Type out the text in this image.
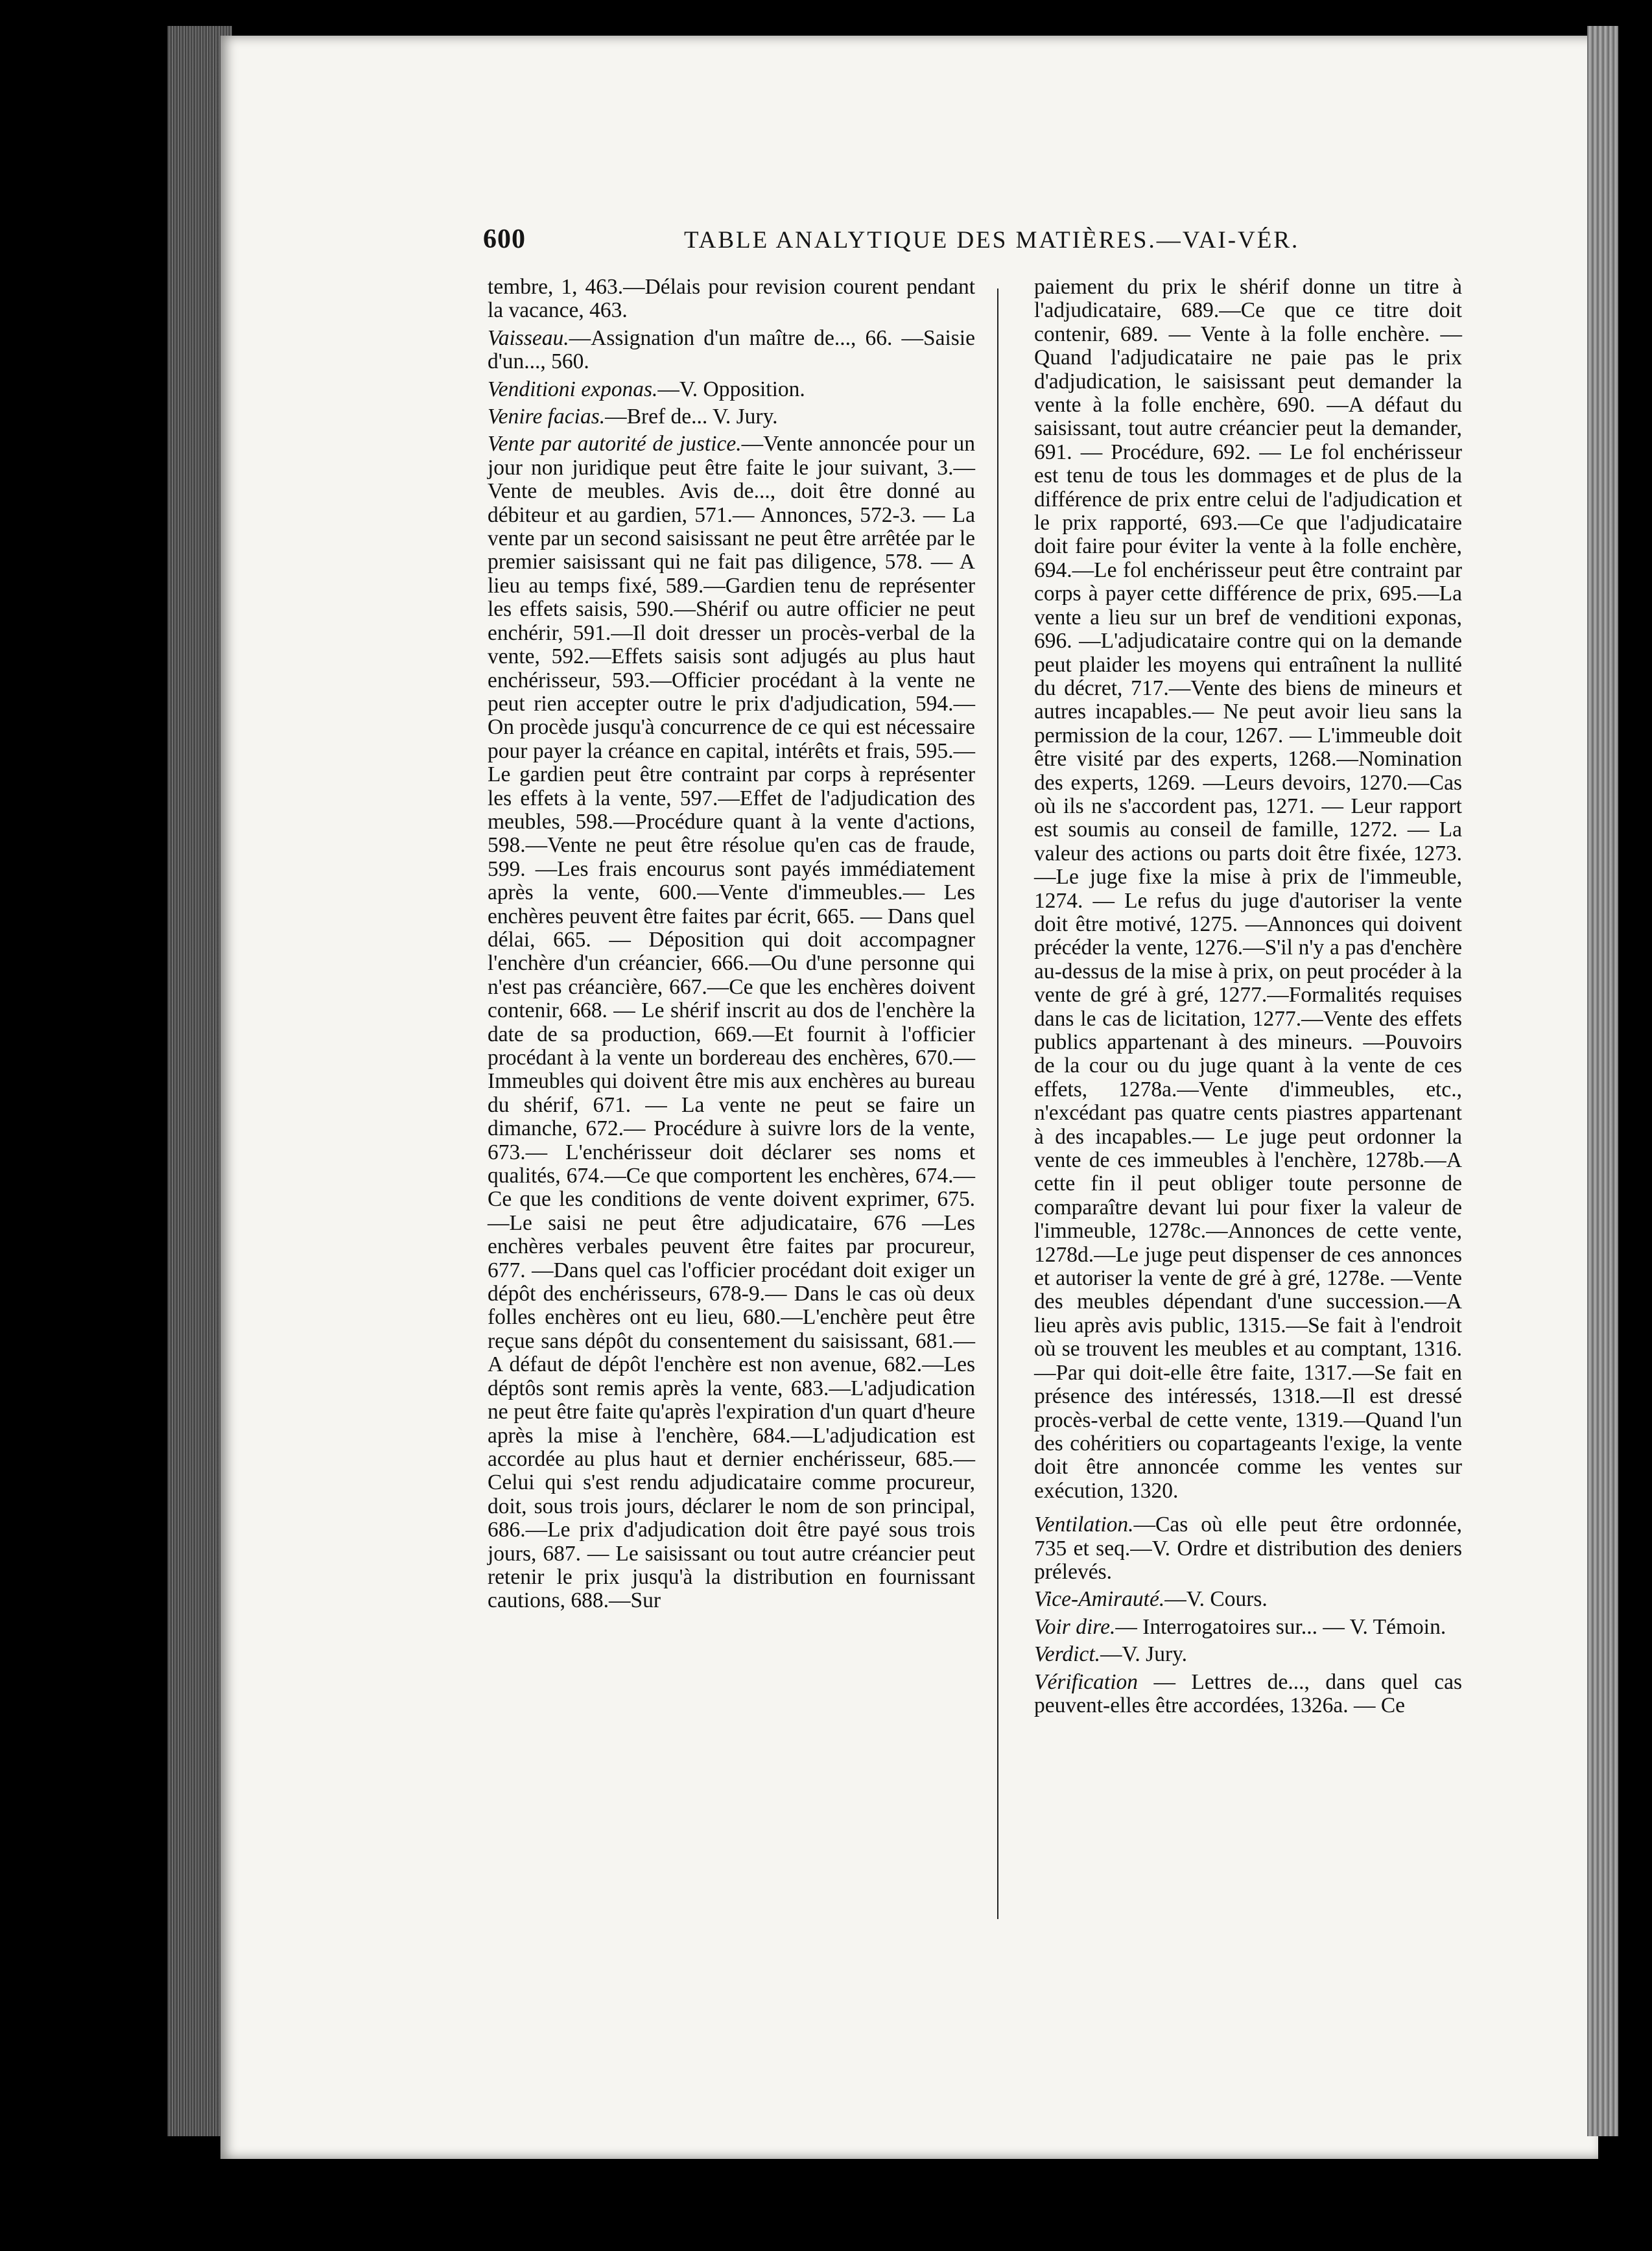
600	TABLE ANALYTIQUE DES MATIÈRES.—VAI-VÉR.

tembre, 1, 463.—Délais pour revision courent pendant la vacance, 463.

Vaisseau.—Assignation d'un maître de..., 66. —Saisie d'un..., 560.

Venditioni exponas.—V. Opposition.

Venire facias.—Bref de... V. Jury.

Vente par autorité de justice.—Vente annoncée pour un jour non juridique peut être faite le jour suivant, 3.—Vente de meubles. Avis de..., doit être donné au débiteur et au gardien, 571.— Annonces, 572-3. — La vente par un second saisissant ne peut être arrêtée par le premier saisissant qui ne fait pas diligence, 578. — A lieu au temps fixé, 589.—Gardien tenu de représenter les effets saisis, 590.—Shérif ou autre officier ne peut enchérir, 591.—Il doit dresser un procès-verbal de la vente, 592.—Effets saisis sont adjugés au plus haut enchérisseur, 593.—Officier procédant à la vente ne peut rien accepter outre le prix d'adjudication, 594.—On procède jusqu'à concurrence de ce qui est nécessaire pour payer la créance en capital, intérêts et frais, 595.— Le gardien peut être contraint par corps à représenter les effets à la vente, 597.—Effet de l'adjudication des meubles, 598.—Procédure quant à la vente d'actions, 598.—Vente ne peut être résolue qu'en cas de fraude, 599. —Les frais encourus sont payés immédiatement après la vente, 600.—Vente d'immeubles.— Les enchères peuvent être faites par écrit, 665. — Dans quel délai, 665. — Déposition qui doit accompagner l'enchère d'un créancier, 666.—Ou d'une personne qui n'est pas créancière, 667.—Ce que les enchères doivent contenir, 668. — Le shérif inscrit au dos de l'enchère la date de sa production, 669.—Et fournit à l'officier procédant à la vente un bordereau des enchères, 670.—Immeubles qui doivent être mis aux enchères au bureau du shérif, 671. — La vente ne peut se faire un dimanche, 672.— Procédure à suivre lors de la vente, 673.— L'enchérisseur doit déclarer ses noms et qualités, 674.—Ce que comportent les enchères, 674.—Ce que les conditions de vente doivent exprimer, 675.—Le saisi ne peut être adjudicataire, 676 —Les enchères verbales peuvent être faites par procureur, 677. —Dans quel cas l'officier procédant doit exiger un dépôt des enchérisseurs, 678-9.— Dans le cas où deux folles enchères ont eu lieu, 680.—L'enchère peut être reçue sans dépôt du consentement du saisissant, 681.— A défaut de dépôt l'enchère est non avenue, 682.—Les déptôs sont remis après la vente, 683.—L'adjudication ne peut être faite qu'après l'expiration d'un quart d'heure après la mise à l'enchère, 684.—L'adjudication est accordée au plus haut et dernier enchérisseur, 685.—Celui qui s'est rendu adjudicataire comme procureur, doit, sous trois jours, déclarer le nom de son principal, 686.—Le prix d'adjudication doit être payé sous trois jours, 687. — Le saisissant ou tout autre créancier peut retenir le prix jusqu'à la distribution en fournissant cautions, 688.—Sur

paiement du prix le shérif donne un titre à l'adjudicataire, 689.—Ce que ce titre doit contenir, 689. — Vente à la folle enchère. — Quand l'adjudicataire ne paie pas le prix d'adjudication, le saisissant peut demander la vente à la folle enchère, 690. —A défaut du saisissant, tout autre créancier peut la demander, 691. — Procédure, 692. — Le fol enchérisseur est tenu de tous les dommages et de plus de la différence de prix entre celui de l'adjudication et le prix rapporté, 693.—Ce que l'adjudicataire doit faire pour éviter la vente à la folle enchère, 694.—Le fol enchérisseur peut être contraint par corps à payer cette différence de prix, 695.—La vente a lieu sur un bref de venditioni exponas, 696. —L'adjudicataire contre qui on la demande peut plaider les moyens qui entraînent la nullité du décret, 717.—Vente des biens de mineurs et autres incapables.— Ne peut avoir lieu sans la permission de la cour, 1267. — L'immeuble doit être visité par des experts, 1268.—Nomination des experts, 1269. —Leurs devoirs, 1270.—Cas où ils ne s'accordent pas, 1271. — Leur rapport est soumis au conseil de famille, 1272. — La valeur des actions ou parts doit être fixée, 1273.—Le juge fixe la mise à prix de l'immeuble, 1274. — Le refus du juge d'autoriser la vente doit être motivé, 1275. —Annonces qui doivent précéder la vente, 1276.—S'il n'y a pas d'enchère au-dessus de la mise à prix, on peut procéder à la vente de gré à gré, 1277.—Formalités requises dans le cas de licitation, 1277.—Vente des effets publics appartenant à des mineurs. —Pouvoirs de la cour ou du juge quant à la vente de ces effets, 1278a.—Vente d'immeubles, etc., n'excédant pas quatre cents piastres appartenant à des incapables.— Le juge peut ordonner la vente de ces immeubles à l'enchère, 1278b.—A cette fin il peut obliger toute personne de comparaître devant lui pour fixer la valeur de l'immeuble, 1278c.—Annonces de cette vente, 1278d.—Le juge peut dispenser de ces annonces et autoriser la vente de gré à gré, 1278e. —Vente des meubles dépendant d'une succession.—A lieu après avis public, 1315.—Se fait à l'endroit où se trouvent les meubles et au comptant, 1316.—Par qui doit-elle être faite, 1317.—Se fait en présence des intéressés, 1318.—Il est dressé procès-verbal de cette vente, 1319.—Quand l'un des cohéritiers ou copartageants l'exige, la vente doit être annoncée comme les ventes sur exécution, 1320.

Ventilation.—Cas où elle peut être ordonnée, 735 et seq.—V. Ordre et distribution des deniers prélevés.

Vice-Amirauté.—V. Cours.

Voir dire.— Interrogatoires sur... — V. Témoin.

Verdict.—V. Jury.

Vérification — Lettres de..., dans quel cas peuvent-elles être accordées, 1326a. — Ce
